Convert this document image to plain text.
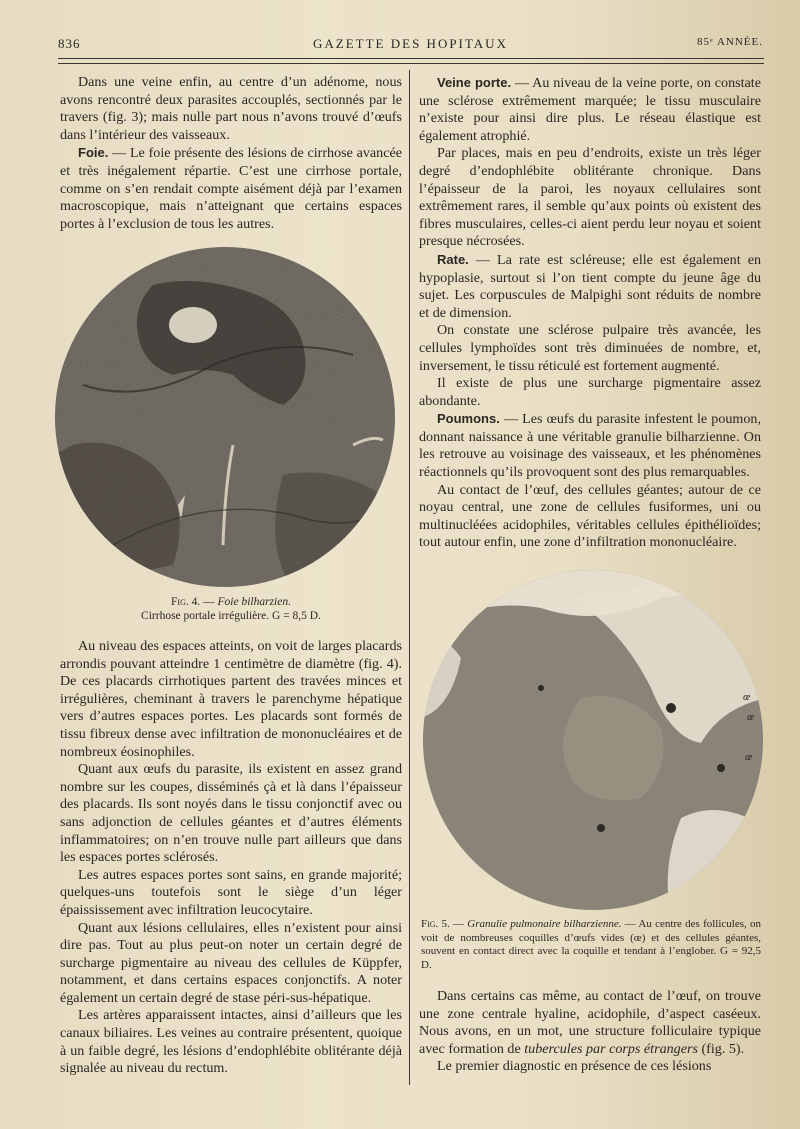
836	GAZETTE DES HOPITAUX	85ᵉ ANNÉE.

Dans une veine enfin, au centre d’un adénome, nous avons rencontré deux parasites accouplés, sectionnés par le travers (fig. 3); mais nulle part nous n’avons trouvé d’œufs dans l’intérieur des vaisseaux.

Foie. — Le foie présente des lésions de cirrhose avancée et très inégalement répartie. C’est une cirrhose portale, comme on s’en rendait compte aisément déjà par l’examen macroscopique, mais n’atteignant que certains espaces portes à l’exclusion de tous les autres.

Fig. 4. — Foie bilharzien.
Cirrhose portale irrégulière. G = 8,5 D.

Au niveau des espaces atteints, on voit de larges placards arrondis pouvant atteindre 1 centimètre de diamètre (fig. 4). De ces placards cirrhotiques partent des travées minces et irrégulières, cheminant à travers le parenchyme hépatique vers d’autres espaces portes. Les placards sont formés de tissu fibreux dense avec infiltration de mononucléaires et de nombreux éosinophiles.

Quant aux œufs du parasite, ils existent en assez grand nombre sur les coupes, disséminés çà et là dans l’épaisseur des placards. Ils sont noyés dans le tissu conjonctif avec ou sans adjonction de cellules géantes et d’autres éléments inflammatoires; on n’en trouve nulle part ailleurs que dans les espaces portes sclérosés.

Les autres espaces portes sont sains, en grande majorité; quelques-uns toutefois sont le siège d’un léger épaississement avec infiltration leucocytaire.

Quant aux lésions cellulaires, elles n’existent pour ainsi dire pas. Tout au plus peut-on noter un certain degré de surcharge pigmentaire au niveau des cellules de Küppfer, notamment, et dans certains espaces conjonctifs. A noter également un certain degré de stase péri-sus-hépatique.

Les artères apparaissent intactes, ainsi d’ailleurs que les canaux biliaires. Les veines au contraire présentent, quoique à un faible degré, les lésions d’endophlébite oblitérante déjà signalée au niveau du rectum.

Veine porte. — Au niveau de la veine porte, on constate une sclérose extrêmement marquée; le tissu musculaire n’existe pour ainsi dire plus. Le réseau élastique est également atrophié.

Par places, mais en peu d’endroits, existe un très léger degré d’endophlébite oblitérante chronique. Dans l’épaisseur de la paroi, les noyaux cellulaires sont extrêmement rares, il semble qu’aux points où existent des fibres musculaires, celles-ci aient perdu leur noyau et soient presque nécrosées.

Rate. — La rate est scléreuse; elle est également en hypoplasie, surtout si l’on tient compte du jeune âge du sujet. Les corpuscules de Malpighi sont réduits de nombre et de dimension.

On constate une sclérose pulpaire très avancée, les cellules lymphoïdes sont très diminuées de nombre, et, inversement, le tissu réticulé est fortement augmenté.

Il existe de plus une surcharge pigmentaire assez abondante.

Poumons. — Les œufs du parasite infestent le poumon, donnant naissance à une véritable granulie bilharzienne. On les retrouve au voisinage des vaisseaux, et les phénomènes réactionnels qu’ils provoquent sont des plus remarquables.

Au contact de l’œuf, des cellules géantes; autour de ce noyau central, une zone de cellules fusiformes, uni ou multinucléées acidophiles, véritables cellules épithélioïdes; tout autour enfin, une zone d’infiltration mononucléaire.

œ
œ
œ
Fig. 5. — Granulie pulmonaire bilharzienne. — Au centre des follicules, on voit de nombreuses coquilles d’œufs vides (œ) et des cellules géantes, souvent en contact direct avec la coquille et tendant à l’englober. G = 92,5 D.

Dans certains cas même, au contact de l’œuf, on trouve une zone centrale hyaline, acidophile, d’aspect caséeux. Nous avons, en un mot, une structure folliculaire typique avec formation de tubercules par corps étrangers (fig. 5).

Le premier diagnostic en présence de ces lésions
